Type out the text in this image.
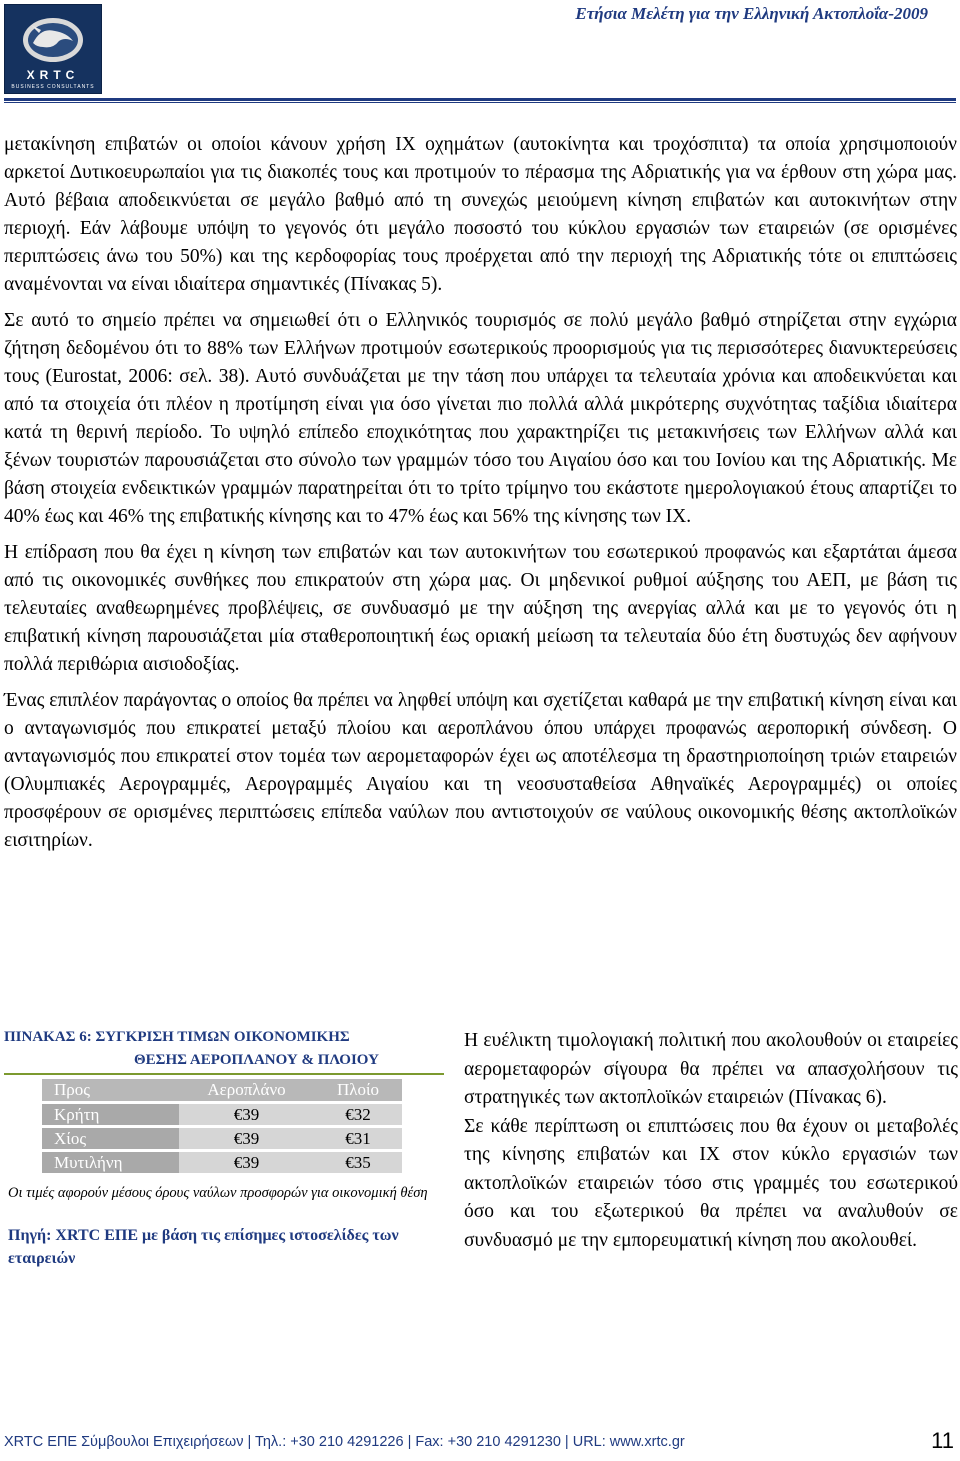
XRTC
BUSINESS CONSULTANTS
Ετήσια Μελέτη για την Ελληνική Ακτοπλοΐα-2009

μετακίνηση επιβατών οι οποίοι κάνουν χρήση ΙΧ οχημάτων (αυτοκίνητα και τροχόσπιτα) τα οποία χρησιμοποιούν αρκετοί Δυτικοευρωπαίοι για τις διακοπές τους και προτιμούν το πέρασμα της Αδριατικής για να έρθουν στη χώρα μας. Αυτό βέβαια αποδεικνύεται σε μεγάλο βαθμό από τη συνεχώς μειούμενη κίνηση επιβατών και αυτοκινήτων στην περιοχή. Εάν λάβουμε υπόψη το γεγονός ότι μεγάλο ποσοστό του κύκλου εργασιών των εταιρειών (σε ορισμένες περιπτώσεις άνω του 50%) και της κερδοφορίας τους προέρχεται από την περιοχή της Αδριατικής τότε οι επιπτώσεις αναμένονται να είναι ιδιαίτερα σημαντικές (Πίνακας 5).

Σε αυτό το σημείο πρέπει να σημειωθεί ότι ο Ελληνικός τουρισμός σε πολύ μεγάλο βαθμό στηρίζεται στην εγχώρια ζήτηση δεδομένου ότι το 88% των Ελλήνων προτιμούν εσωτερικούς προορισμούς για τις περισσότερες διανυκτερεύσεις τους (Eurostat, 2006: σελ. 38). Αυτό συνδυάζεται με την τάση που υπάρχει τα τελευταία χρόνια και αποδεικνύεται και από τα στοιχεία ότι πλέον η προτίμηση είναι για όσο γίνεται πιο πολλά αλλά μικρότερης συχνότητας ταξίδια ιδιαίτερα κατά τη θερινή περίοδο. Το υψηλό επίπεδο εποχικότητας που χαρακτηρίζει τις μετακινήσεις των Ελλήνων αλλά και ξένων τουριστών παρουσιάζεται στο σύνολο των γραμμών τόσο του Αιγαίου όσο και του Ιονίου και της Αδριατικής. Με βάση στοιχεία ενδεικτικών γραμμών παρατηρείται ότι το τρίτο τρίμηνο του εκάστοτε ημερολογιακού έτους απαρτίζει το 40% έως και 46% της επιβατικής κίνησης και το 47% έως και 56% της κίνησης των ΙΧ.

Η επίδραση που θα έχει η κίνηση των επιβατών και των αυτοκινήτων του εσωτερικού προφανώς και εξαρτάται άμεσα από τις οικονομικές συνθήκες που επικρατούν στη χώρα μας. Οι μηδενικοί ρυθμοί αύξησης του ΑΕΠ, με βάση τις τελευταίες αναθεωρημένες προβλέψεις, σε συνδυασμό με την αύξηση της ανεργίας αλλά και με το γεγονός ότι η επιβατική κίνηση παρουσιάζεται μία σταθεροποιητική έως οριακή μείωση τα τελευταία δύο έτη δυστυχώς δεν αφήνουν πολλά περιθώρια αισιοδοξίας.

Ένας επιπλέον παράγοντας ο οποίος θα πρέπει να ληφθεί υπόψη και σχετίζεται καθαρά με την επιβατική κίνηση είναι και ο ανταγωνισμός που επικρατεί μεταξύ πλοίου και αεροπλάνου όπου υπάρχει προφανώς αεροπορική σύνδεση. Ο ανταγωνισμός που επικρατεί στον τομέα των αερομεταφορών έχει ως αποτέλεσμα τη δραστηριοποίηση τριών εταιρειών (Ολυμπιακές Αερογραμμές, Αερογραμμές Αιγαίου και τη νεοσυσταθείσα Αθηναϊκές Αερογραμμές) οι οποίες προσφέρουν σε ορισμένες περιπτώσεις επίπεδα ναύλων που αντιστοιχούν σε ναύλους οικονομικής θέσης ακτοπλοϊκών εισιτηρίων.

ΠΙΝΑΚΑΣ 6: ΣΥΓΚΡΙΣΗ ΤΙΜΩΝ ΟΙΚΟΝΟΜΙΚΗΣ
ΘΕΣΗΣ ΑΕΡΟΠΛΑΝΟΥ & ΠΛΟΙΟΥ
Προς	Αεροπλάνο	Πλοίο
Κρήτη	€39	€32
Χίος	€39	€31
Μυτιλήνη	€39	€35
Οι τιμές αφορούν μέσους όρους ναύλων προσφορών για οικονομική θέση
Πηγή: XRTC ΕΠΕ με βάση τις επίσημες ιστοσελίδες των εταιρειών

Η ευέλικτη τιμολογιακή πολιτική που ακολουθούν οι εταιρείες αερομεταφορών σίγουρα θα πρέπει να απασχολήσουν τις στρατηγικές των ακτοπλοϊκών εταιρειών (Πίνακας 6).

Σε κάθε περίπτωση οι επιπτώσεις που θα έχουν οι μεταβολές της κίνησης επιβατών και ΙΧ στον κύκλο εργασιών των ακτοπλοϊκών εταιρειών τόσο στις γραμμές του εσωτερικού όσο και του εξωτερικού θα πρέπει να αναλυθούν σε συνδυασμό με την εμπορευματική κίνηση που ακολουθεί.

XRTC ΕΠΕ Σύμβουλοι Επιχειρήσεων | Τηλ.: +30 210 4291226 | Fax: +30 210 4291230 | URL: www.xrtc.gr	11
